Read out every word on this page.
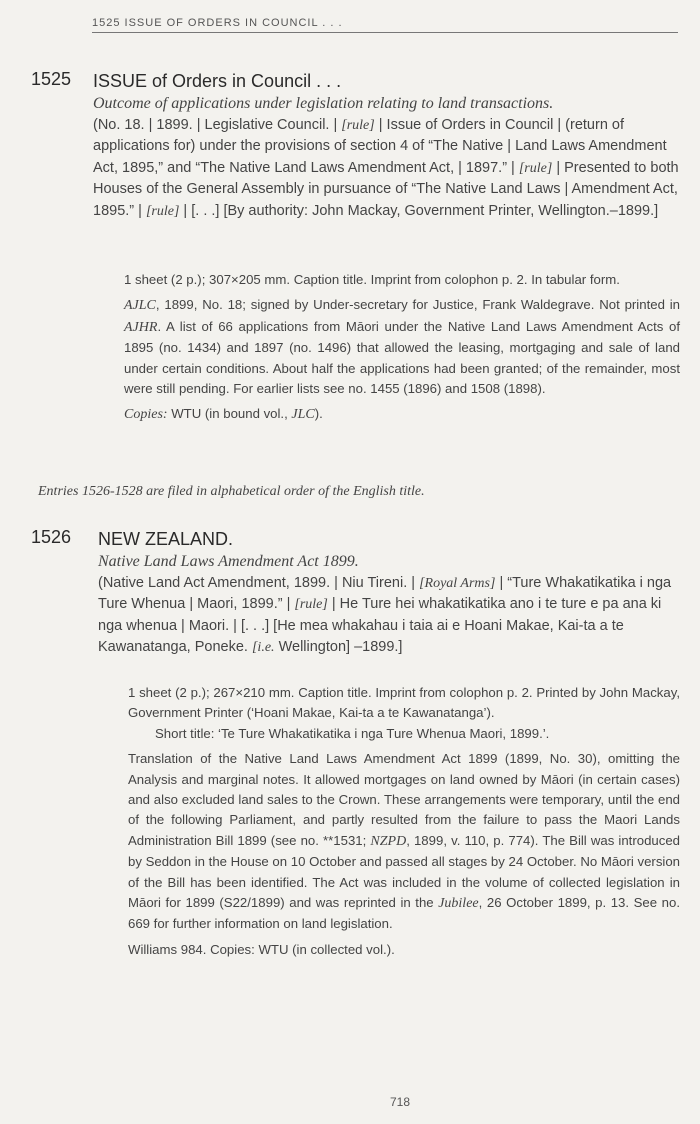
1525 ISSUE OF ORDERS IN COUNCIL . . .
1525 ISSUE of Orders in Council . . .
Outcome of applications under legislation relating to land transactions.
(No. 18. | 1899. | Legislative Council. | [rule] | Issue of Orders in Council | (return of applications for) under the provisions of section 4 of “The Native | Land Laws Amendment Act, 1895,” and “The Native Land Laws Amendment Act, | 1897.” | [rule] | Presented to both Houses of the General Assembly in pursuance of “The Native Land Laws | Amendment Act, 1895.” | [rule] | [. . .] [By authority: John Mackay, Government Printer, Wellington.–1899.]
1 sheet (2 p.); 307×205 mm. Caption title. Imprint from colophon p. 2. In tabular form.
AJLC, 1899, No. 18; signed by Under-secretary for Justice, Frank Waldegrave. Not printed in AJHR. A list of 66 applications from Māori under the Native Land Laws Amendment Acts of 1895 (no. 1434) and 1897 (no. 1496) that allowed the leasing, mortgaging and sale of land under certain conditions. About half the applications had been granted; of the remainder, most were still pending. For earlier lists see no. 1455 (1896) and 1508 (1898).
Copies: WTU (in bound vol., JLC).
Entries 1526-1528 are filed in alphabetical order of the English title.
1526 NEW ZEALAND.
Native Land Laws Amendment Act 1899.
(Native Land Act Amendment, 1899. | Niu Tireni. | [Royal Arms] | “Ture Whakatikatika i nga Ture Whenua | Maori, 1899.” | [rule] | He Ture hei whakatikatika ano i te ture e pa ana ki nga whenua | Maori. | [. . .] [He mea whakahau i taia ai e Hoani Makae, Kai-ta a te Kawanatanga, Poneke. [i.e. Wellington] –1899.]
1 sheet (2 p.); 267×210 mm. Caption title. Imprint from colophon p. 2. Printed by John Mackay, Government Printer (‘Hoani Makae, Kai-ta a te Kawanatanga’).
Short title: ‘Te Ture Whakatikatika i nga Ture Whenua Maori, 1899.’.
Translation of the Native Land Laws Amendment Act 1899 (1899, No. 30), omitting the Analysis and marginal notes. It allowed mortgages on land owned by Māori (in certain cases) and also excluded land sales to the Crown. These arrangements were temporary, until the end of the following Parliament, and partly resulted from the failure to pass the Maori Lands Administration Bill 1899 (see no. **1531; NZPD, 1899, v. 110, p. 774). The Bill was introduced by Seddon in the House on 10 October and passed all stages by 24 October. No Māori version of the Bill has been identified. The Act was included in the volume of collected legislation in Māori for 1899 (S22/1899) and was reprinted in the Jubilee, 26 October 1899, p. 13. See no. 669 for further information on land legislation.
Williams 984. Copies: WTU (in collected vol.).
718
